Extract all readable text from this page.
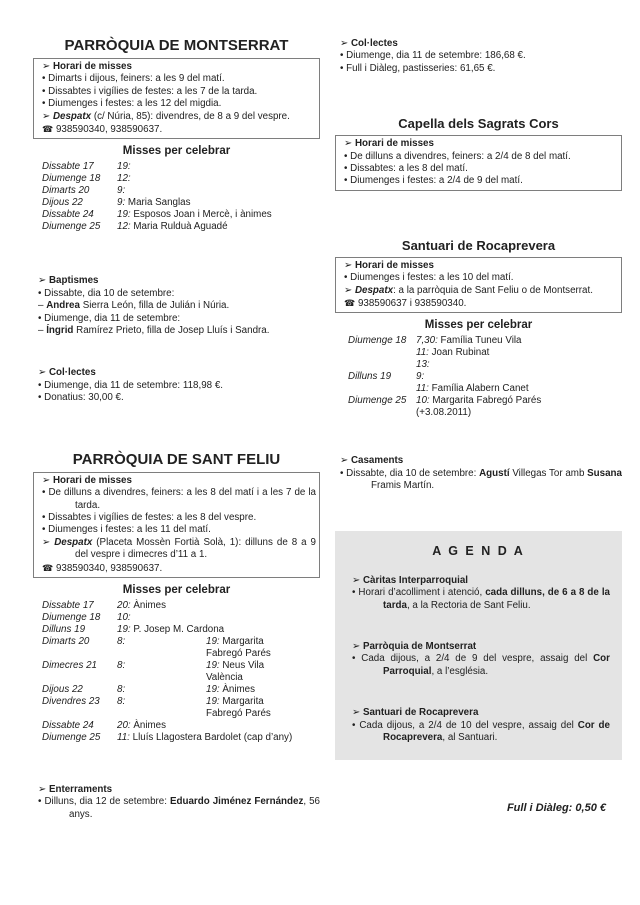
PARRÒQUIA DE MONTSERRAT
➢ Horari de misses
• Dimarts i dijous, feiners: a les 9 del matí.
• Dissabtes i vigílies de festes: a les 7 de la tarda.
• Diumenges i festes: a les 12 del migdia.
➢ Despatx (c/ Núria, 85): divendres, de 8 a 9 del vespre.
☎ 938590340, 938590637.
Misses per celebrar
Dissabte 17	19:
Diumenge 18	12:
Dimarts 20	9:
Dijous 22	9: Maria Sanglas
Dissabte 24	19: Esposos Joan i Mercè, i ànimes
Diumenge 25	12: Maria Rulduà Aguadé
➢ Baptismes
• Dissabte, dia 10 de setembre:
– Andrea Sierra León, filla de Julián i Núria.
• Diumenge, dia 11 de setembre:
– Íngrid Ramírez Prieto, filla de Josep Lluís i Sandra.
➢ Col·lectes
• Diumenge, dia 11 de setembre: 118,98 €.
• Donatius: 30,00 €.
PARRÒQUIA DE SANT FELIU
➢ Horari de misses
• De dilluns a divendres, feiners: a les 8 del matí i a les 7 de la tarda.
• Dissabtes i vigílies de festes: a les 8 del vespre.
• Diumenges i festes: a les 11 del matí.
➢ Despatx (Placeta Mossèn Fortià Solà, 1): dilluns de 8 a 9 del vespre i dimecres d’11 a 1.
☎ 938590340, 938590637.
Misses per celebrar
Dissabte 17	20: Ànimes
Diumenge 18	10:
Dilluns 19	19: P. Josep M. Cardona
Dimarts 20	8:	19: Margarita Fabregó Parés
Dimecres 21	8:	19: Neus Vila València
Dijous 22	8:	19: Ànimes
Divendres 23	8:	19: Margarita Fabregó Parés
Dissabte 24	20: Ànimes
Diumenge 25	11: Lluís Llagostera Bardolet (cap d’any)
➢ Enterraments
• Dilluns, dia 12 de setembre: Eduardo Jiménez Fernández, 56 anys.
➢ Col·lectes
• Diumenge, dia 11 de setembre: 186,68 €.
• Full i Diàleg, pastisseries: 61,65 €.
Capella dels Sagrats Cors
➢ Horari de misses
• De dilluns a divendres, feiners: a 2/4 de 8 del matí.
• Dissabtes: a les 8 del matí.
• Diumenges i festes: a 2/4 de 9 del matí.
Santuari de Rocaprevera
➢ Horari de misses
• Diumenges i festes: a les 10 del matí.
➢ Despatx: a la parròquia de Sant Feliu o de Montserrat.
☎ 938590637 i 938590340.
Misses per celebrar
Diumenge 18 7,30: Família Tuneu Vila
11: Joan Rubinat
13:
Dilluns 19	9:
11: Família Alabern Canet
Diumenge 25 10: Margarita Fabregó Parés (+3.08.2011)
➢ Casaments
• Dissabte, dia 10 de setembre: Agustí Villegas Tor amb Susana Framis Martín.
A G E N D A
➢ Càritas Interparroquial
• Horari d’acolliment i atenció, cada dilluns, de 6 a 8 de la tarda, a la Rectoria de Sant Feliu.
➢ Parròquia de Montserrat
• Cada dijous, a 2/4 de 9 del vespre, assaig del Cor Parroquial, a l’església.
➢ Santuari de Rocaprevera
• Cada dijous, a 2/4 de 10 del vespre, assaig del Cor de Rocaprevera, al Santuari.
Full i Diàleg: 0,50 €
